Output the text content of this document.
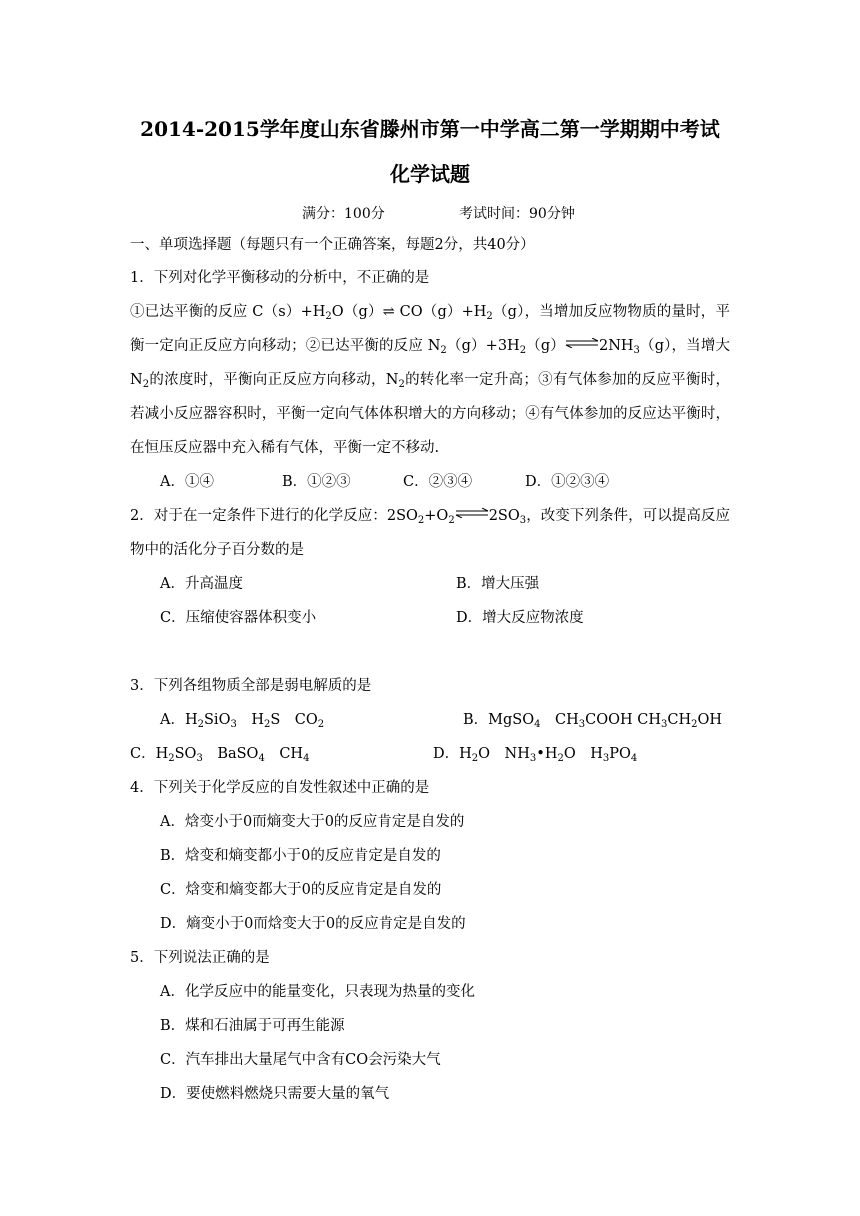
2014-2015学年度山东省滕州市第一中学高二第一学期期中考试
化学试题
满分：100分	考试时间：90分钟
一、单项选择题（每题只有一个正确答案，每题2分，共40分）
1．下列对化学平衡移动的分析中，不正确的是
①已达平衡的反应 $C(s)+H_2O(g)\rightleftharpoons$ $CO(g)+H_2(g)$，当增加反应物物质的量时，平
衡一定向正反应方向移动；②已达平衡的反应 $N_2(g)+3H_2(g)\rightleftharpoons 2NH_3(g)$，当增大
$N_2$的浓度时，平衡向正反应方向移动，$N_2$的转化率一定升高；③有气体参加的反应平衡时，
若减小反应器容积时，平衡一定向气体体积增大的方向移动；④有气体参加的反应达平衡时，
在恒压反应器中充入稀有气体，平衡一定不移动.
A．①④	B．①②③	C．②③④	D．①②③④
2．对于在一定条件下进行的化学反应：$2SO_2+O_2$ $\rightleftharpoons 2SO_3$，改变下列条件，可以提高反应
物中的活化分子百分数的是
A．升高温度	B．增大压强
C．压缩使容器体积变小	D．增大反应物浓度
3．下列各组物质全部是弱电解质的是
A．$H_2SiO_3$　$H_2S$　$CO_2$	B．MgSO$_4$　$CH_3COOH$ $CH_3CH_2OH$
C．$H_2SO_3$　BaSO$_4$　$CH_4$	D．$H_2O$　$NH_3•H_2O$　$H_3PO_4$
4．下列关于化学反应的自发性叙述中正确的是
A．焓变小于0而熵变大于0的反应肯定是自发的
B．焓变和熵变都小于0的反应肯定是自发的
C．焓变和熵变都大于0的反应肯定是自发的
D．熵变小于0而焓变大于0的反应肯定是自发的
5．下列说法正确的是
A．化学反应中的能量变化，只表现为热量的变化
B．煤和石油属于可再生能源
C．汽车排出大量尾气中含有CO会污染大气
D．要使燃料燃烧只需要大量的氧气
